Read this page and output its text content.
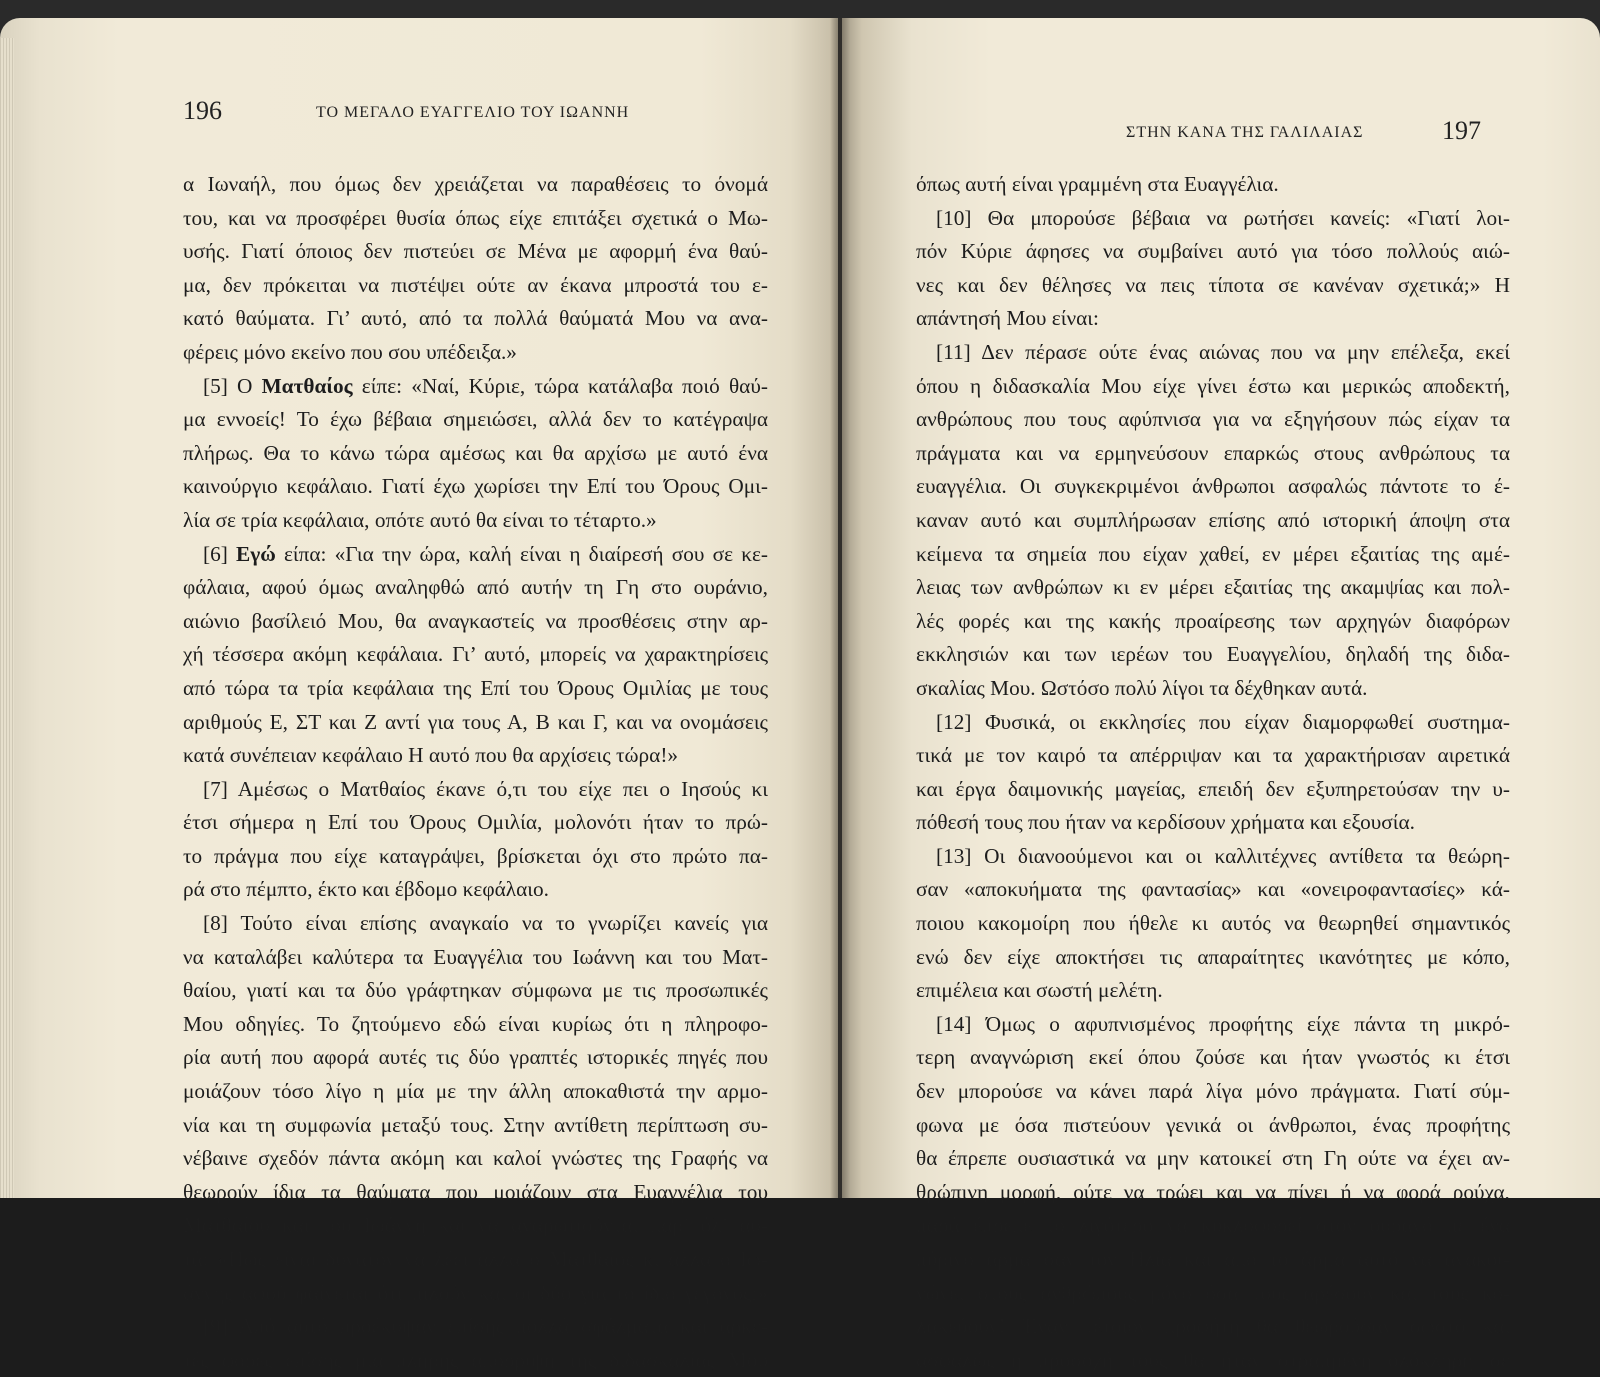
196	ΤΟ ΜΕΓΑΛΟ ΕΥΑΓΓΕΛΙΟ ΤΟΥ ΙΩΑΝΝΗ
α Ιωναήλ, που όμως δεν χρειάζεται να παραθέσεις το όνομά
του, και να προσφέρει θυσία όπως είχε επιτάξει σχετικά ο Μω-
υσής. Γιατί όποιος δεν πιστεύει σε Μένα με αφορμή ένα θαύ-
μα, δεν πρόκειται να πιστέψει ούτε αν έκανα μπροστά του ε-
κατό θαύματα. Γι’ αυτό, από τα πολλά θαύματά Μου να ανα-
φέρεις μόνο εκείνο που σου υπέδειξα.»
[5] Ο Ματθαίος είπε: «Ναί, Κύριε, τώρα κατάλαβα ποιό θαύ-
μα εννοείς! Το έχω βέβαια σημειώσει, αλλά δεν το κατέγραψα
πλήρως. Θα το κάνω τώρα αμέσως και θα αρχίσω με αυτό ένα
καινούργιο κεφάλαιο. Γιατί έχω χωρίσει την Επί του Όρους Ομι-
λία σε τρία κεφάλαια, οπότε αυτό θα είναι το τέταρτο.»
[6] Εγώ είπα: «Για την ώρα, καλή είναι η διαίρεσή σου σε κε-
φάλαια, αφού όμως αναληφθώ από αυτήν τη Γη στο ουράνιο,
αιώνιο βασίλειό Μου, θα αναγκαστείς να προσθέσεις στην αρ-
χή τέσσερα ακόμη κεφάλαια. Γι’ αυτό, μπορείς να χαρακτηρίσεις
από τώρα τα τρία κεφάλαια της Επί του Όρους Ομιλίας με τους
αριθμούς Ε, ΣΤ και Ζ αντί για τους Α, Β και Γ, και να ονομάσεις
κατά συνέπειαν κεφάλαιο Η αυτό που θα αρχίσεις τώρα!»
[7] Αμέσως ο Ματθαίος έκανε ό,τι του είχε πει ο Ιησούς κι
έτσι σήμερα η Επί του Όρους Ομιλία, μολονότι ήταν το πρώ-
το πράγμα που είχε καταγράψει, βρίσκεται όχι στο πρώτο πα-
ρά στο πέμπτο, έκτο και έβδομο κεφάλαιο.
[8] Τούτο είναι επίσης αναγκαίο να το γνωρίζει κανείς για
να καταλάβει καλύτερα τα Ευαγγέλια του Ιωάννη και του Ματ-
θαίου, γιατί και τα δύο γράφτηκαν σύμφωνα με τις προσωπικές
Μου οδηγίες. Το ζητούμενο εδώ είναι κυρίως ότι η πληροφο-
ρία αυτή που αφορά αυτές τις δύο γραπτές ιστορικές πηγές που
μοιάζουν τόσο λίγο η μία με την άλλη αποκαθιστά την αρμο-
νία και τη συμφωνία μεταξύ τους. Στην αντίθετη περίπτωση συ-
νέβαινε σχεδόν πάντα ακόμη και καλοί γνώστες της Γραφής να
θεωρούν ίδια τα θαύματα που μοιάζουν στα Ευαγγέλια του
Ματθαίου και του Ιωάννη και να αναρωτιούνται παρ’ όλ’ αυ-
τά: «Πώς είναι δυνατόν να λέει άλλα ο Ματθαίος κι άλλα ο Ιω-
άννης αφού φαίνεται ότι μιλούν και οι δύο για το ίδιο γεγονός;»
[9] Από αυτό προέκυψαν επίσης πολλά σφάλματα και αρκε-
τές φορές επίσης μια πλήρης απόρριψη της διδασκαλίας Μου
ΣΤΗΝ ΚΑΝΑ ΤΗΣ ΓΑΛΙΛΑΙΑΣ	197
όπως αυτή είναι γραμμένη στα Ευαγγέλια.
[10] Θα μπορούσε βέβαια να ρωτήσει κανείς: «Γιατί λοι-
πόν Κύριε άφησες να συμβαίνει αυτό για τόσο πολλούς αιώ-
νες και δεν θέλησες να πεις τίποτα σε κανέναν σχετικά;» Η
απάντησή Μου είναι:
[11] Δεν πέρασε ούτε ένας αιώνας που να μην επέλεξα, εκεί
όπου η διδασκαλία Μου είχε γίνει έστω και μερικώς αποδεκτή,
ανθρώπους που τους αφύπνισα για να εξηγήσουν πώς είχαν τα
πράγματα και να ερμηνεύσουν επαρκώς στους ανθρώπους τα
ευαγγέλια. Οι συγκεκριμένοι άνθρωποι ασφαλώς πάντοτε το έ-
καναν αυτό και συμπλήρωσαν επίσης από ιστορική άποψη στα
κείμενα τα σημεία που είχαν χαθεί, εν μέρει εξαιτίας της αμέ-
λειας των ανθρώπων κι εν μέρει εξαιτίας της ακαμψίας και πολ-
λές φορές και της κακής προαίρεσης των αρχηγών διαφόρων
εκκλησιών και των ιερέων του Ευαγγελίου, δηλαδή της διδα-
σκαλίας Μου. Ωστόσο πολύ λίγοι τα δέχθηκαν αυτά.
[12] Φυσικά, οι εκκλησίες που είχαν διαμορφωθεί συστημα-
τικά με τον καιρό τα απέρριψαν και τα χαρακτήρισαν αιρετικά
και έργα δαιμονικής μαγείας, επειδή δεν εξυπηρετούσαν την υ-
πόθεσή τους που ήταν να κερδίσουν χρήματα και εξουσία.
[13] Οι διανοούμενοι και οι καλλιτέχνες αντίθετα τα θεώρη-
σαν «αποκυήματα της φαντασίας» και «ονειροφαντασίες» κά-
ποιου κακομοίρη που ήθελε κι αυτός να θεωρηθεί σημαντικός
ενώ δεν είχε αποκτήσει τις απαραίτητες ικανότητες με κόπο,
επιμέλεια και σωστή μελέτη.
[14] Όμως ο αφυπνισμένος προφήτης είχε πάντα τη μικρό-
τερη αναγνώριση εκεί όπου ζούσε και ήταν γνωστός κι έτσι
δεν μπορούσε να κάνει παρά λίγα μόνο πράγματα. Γιατί σύμ-
φωνα με όσα πιστεύουν γενικά οι άνθρωποι, ένας προφήτης
θα έπρεπε ουσιαστικά να μην κατοικεί στη Γη ούτε να έχει αν-
θρώπινη μορφή, ούτε να τρώει και να πίνει ή να φορά ρούχα,
παρά έπρεπε το λιγότερο να κυκλοφορεί στον ουρανό με ένα
πύρινο άρμα σαν τον Ηλία και από το άρμα αυτό να ανακοι-
νώνει στους ανθρώπους μόνο όσα τους αρέσουν και τους κο-
λακεύουν! Έναν τέτοιον προφήτη θα θεωρούσαν σωστό και
ασφαλώς η προσοχή τους θα ήταν στραμμένη ολόκληρη σε
